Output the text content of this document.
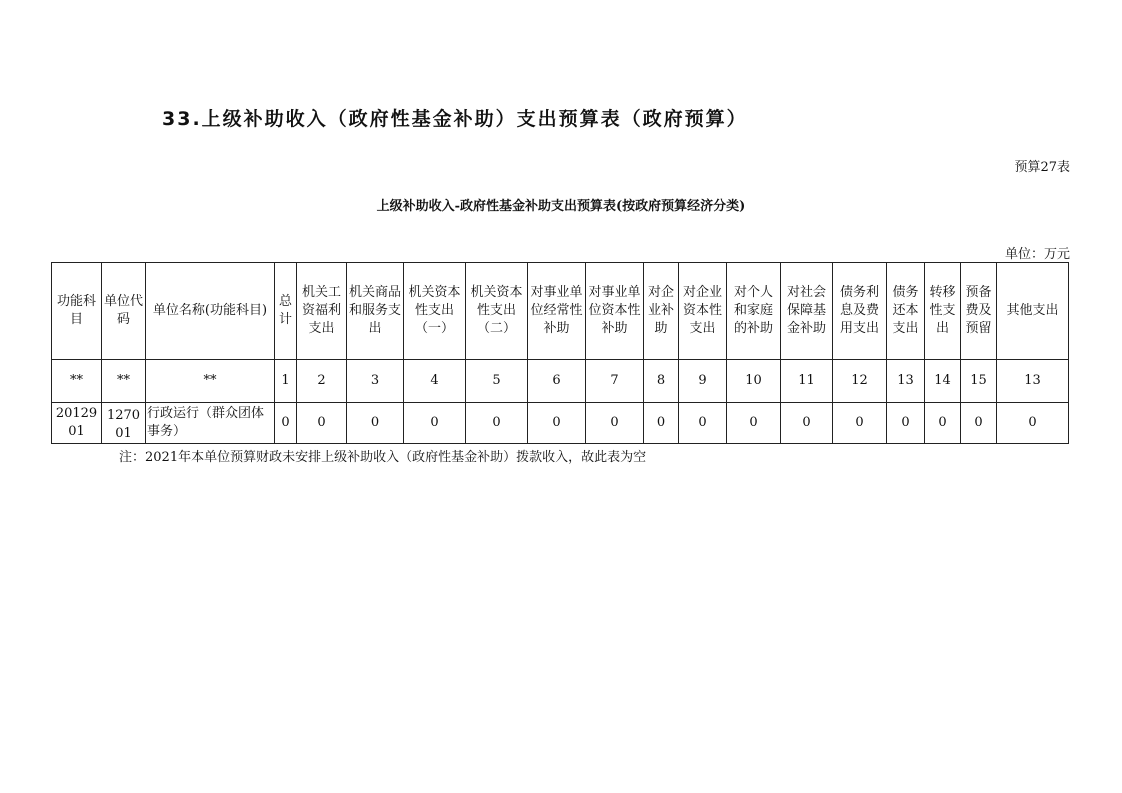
33.上级补助收入（政府性基金补助）支出预算表（政府预算）
预算27表
上级补助收入-政府性基金补助支出预算表(按政府预算经济分类)
单位：万元
功能科目	单位代码	单位名称(功能科目)	总计	机关工资福利支出	机关商品和服务支出	机关资本性支出（一）	机关资本性支出（二）	对事业单位经常性补助	对事业单位资本性补助	对企业补助	对企业资本性支出	对个人和家庭的补助	对社会保障基金补助	债务利息及费用支出	债务还本支出	转移性支出	预备费及预留	其他支出
**	**	**	1	2	3	4	5	6	7	8	9	10	11	12	13	14	15	13
2012901	127001	行政运行（群众团体事务）	0	0	0	0	0	0	0	0	0	0	0	0	0	0	0	0
注：2021年本单位预算财政未安排上级补助收入（政府性基金补助）拨款收入，故此表为空
